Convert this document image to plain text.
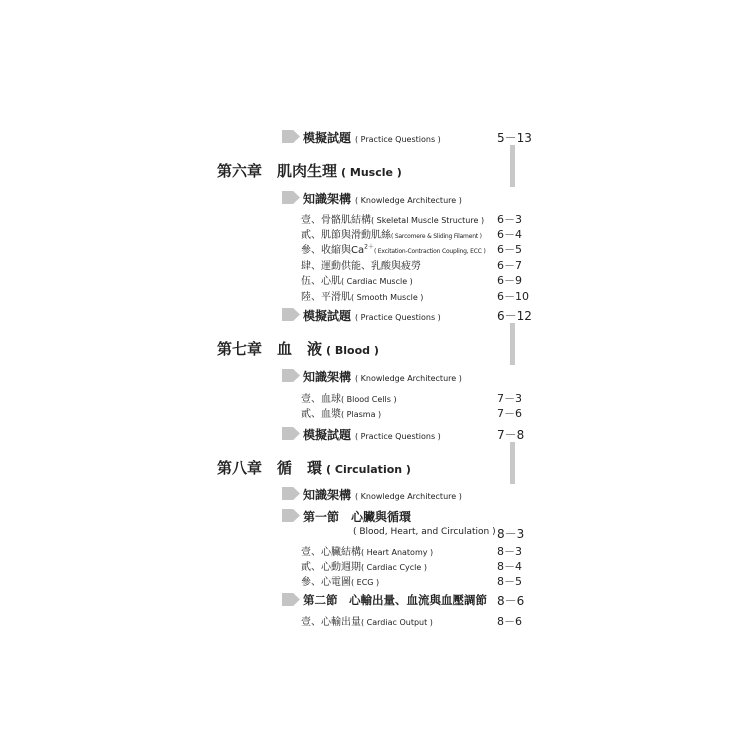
模擬試題 ( Practice Questions )	5－13
第六章　肌肉生理 ( Muscle )
知識架構 ( Knowledge Architecture )
壹、骨骼肌結構( Skeletal Muscle Structure ) 6－3
貳、肌節與滑動肌絲( Sarcomere & Sliding Filament ) 6－4
參、收縮與$Ca^{2+}$( Excitation-Contraction Coupling, ECC ) 6－5
肆、運動供能、乳酸與疲勞	6－7
伍、心肌( Cardiac Muscle )	6－9
陸、平滑肌( Smooth Muscle )	6－10
模擬試題 ( Practice Questions )	6－12
第七章　血　液 ( Blood )
知識架構 ( Knowledge Architecture )
壹、血球( Blood Cells )	7－3
貳、血漿( Plasma )	7－6
模擬試題 ( Practice Questions )	7－8
第八章　循　環 ( Circulation )
知識架構 ( Knowledge Architecture )
第一節　心臟與循環
( Blood, Heart, and Circulation ) 8－3
壹、心臟結構( Heart Anatomy )	8－3
貳、心動週期( Cardiac Cycle )	8－4
參、心電圖( ECG )	8－5
第二節　心輸出量、血流與血壓調節 8－6
壹、心輸出量( Cardiac Output )	8－6
